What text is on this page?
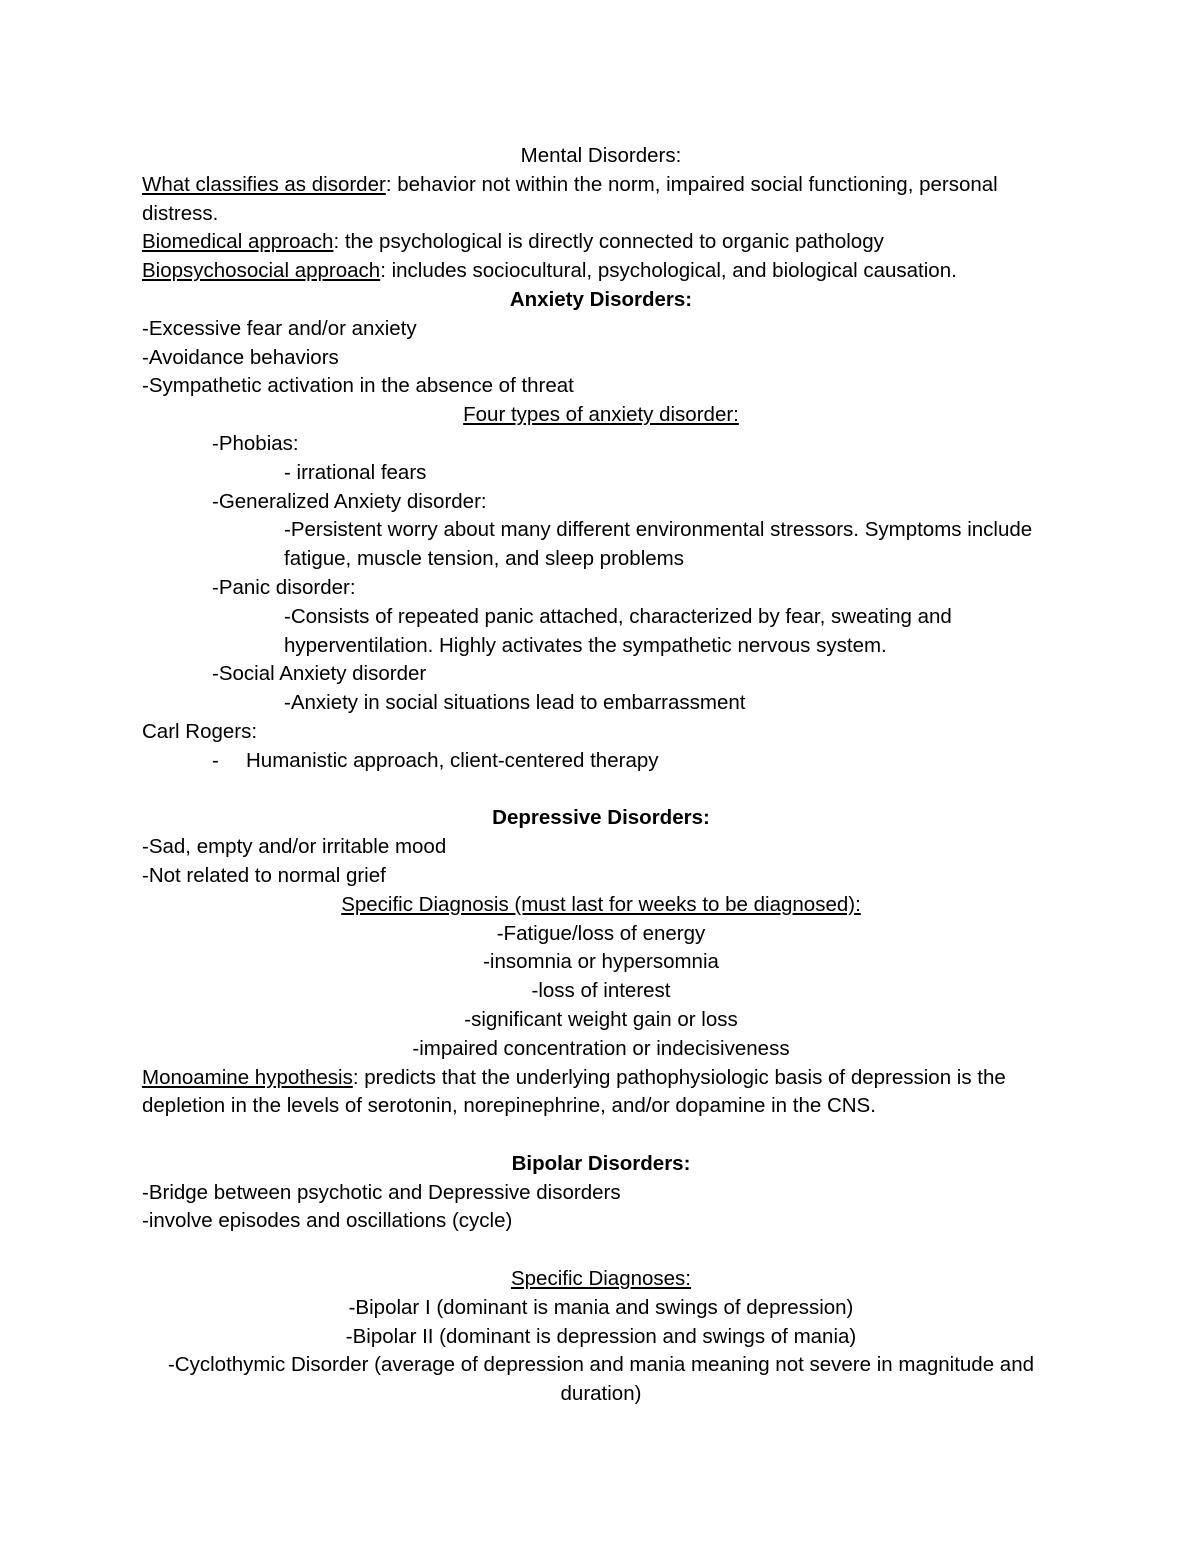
Mental Disorders:
What classifies as disorder: behavior not within the norm, impaired social functioning, personal distress.
Biomedical approach: the psychological is directly connected to organic pathology
Biopsychosocial approach: includes sociocultural, psychological, and biological causation.
Anxiety Disorders:
-Excessive fear and/or anxiety
-Avoidance behaviors
-Sympathetic activation in the absence of threat
Four types of anxiety disorder:
-Phobias:
- irrational fears
-Generalized Anxiety disorder:
-Persistent worry about many different environmental stressors. Symptoms include fatigue, muscle tension, and sleep problems
-Panic disorder:
-Consists of repeated panic attached, characterized by fear, sweating and hyperventilation. Highly activates the sympathetic nervous system.
-Social Anxiety disorder
-Anxiety in social situations lead to embarrassment
Carl Rogers:
- Humanistic approach, client-centered therapy
Depressive Disorders:
-Sad, empty and/or irritable mood
-Not related to normal grief
Specific Diagnosis (must last for weeks to be diagnosed):
-Fatigue/loss of energy
-insomnia or hypersomnia
-loss of interest
-significant weight gain or loss
-impaired concentration or indecisiveness
Monoamine hypothesis: predicts that the underlying pathophysiologic basis of depression is the depletion in the levels of serotonin, norepinephrine, and/or dopamine in the CNS.
Bipolar Disorders:
-Bridge between psychotic and Depressive disorders
-involve episodes and oscillations (cycle)
Specific Diagnoses:
-Bipolar I (dominant is mania and swings of depression)
-Bipolar II (dominant is depression and swings of mania)
-Cyclothymic Disorder (average of depression and mania meaning not severe in magnitude and duration)
